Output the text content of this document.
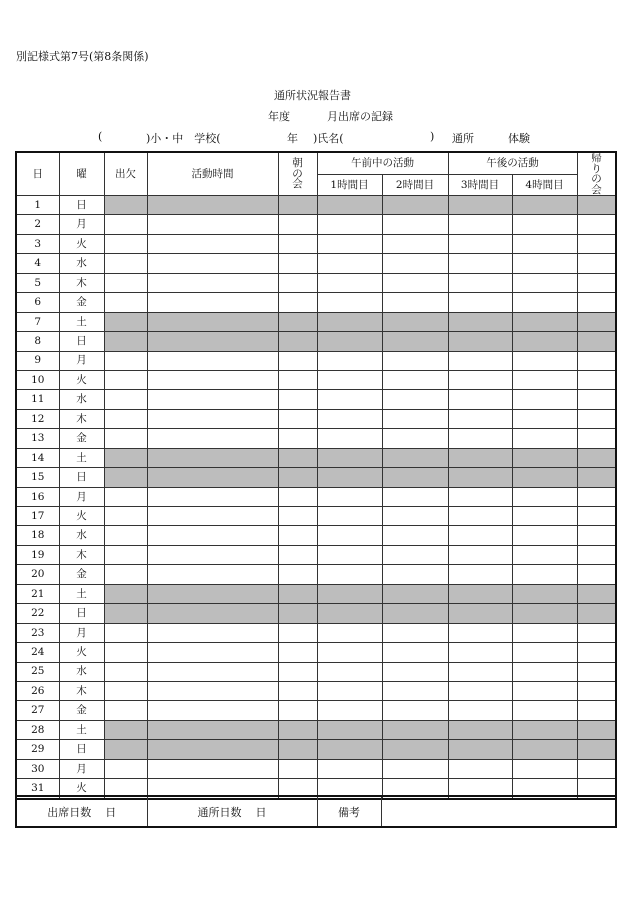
別記様式第7号(第8条関係)
通所状況報告書
年度	月出席の記録
(	)小・中　学校(	年 )氏名(	) 通所	体験
日	曜	出欠	活動時間	朝の会	午前中の活動		午後の活動		帰りの会

					1時間目	2時間目	3時間目	4時間目	
1	日								
2	月								
3	火								
4	水								
5	木								
6	金								
7	土								
8	日								
9	月								
10	火								
11	水								
12	木								
13	金								
14	土								
15	日								
16	月								
17	火								
18	水								
19	木								
20	金								
21	土								
22	日								
23	月								
24	火								
25	水								
26	木								
27	金								
28	土								
29	日								
30	月								
31	火								
出席日数 日	通所日数 日	備考	
